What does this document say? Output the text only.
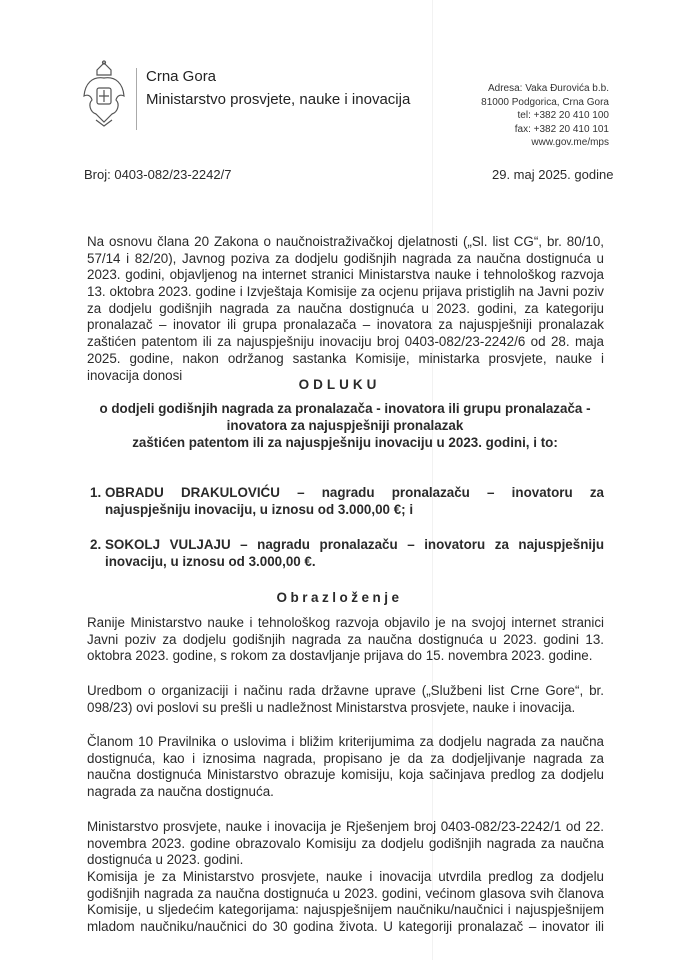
Crna Gora
Ministarstvo prosvjete, nauke i inovacija
Adresa: Vaka Đurovića b.b.
81000 Podgorica, Crna Gora
tel: +382 20 410 100
fax: +382 20 410 101
www.gov.me/mps
Broj: 0403-082/23-2242/7	29. maj 2025. godine
Na osnovu člana 20 Zakona o naučnoistraživačkoj djelatnosti („Sl. list CG“, br. 80/10,
57/14 i 82/20), Javnog poziva za dodjelu godišnjih nagrada za naučna dostignuća u
2023. godini, objavljenog na internet stranici Ministarstva nauke i tehnološkog razvoja
13. oktobra 2023. godine i Izvještaja Komisije za ocjenu prijava pristiglih na Javni poziv
za dodjelu godišnjih nagrada za naučna dostignuća u 2023. godini, za kategoriju
pronalazač – inovator ili grupa pronalazača – inovatora za najuspješniji pronalazak
zaštićen patentom ili za najuspješniju inovaciju broj 0403-082/23-2242/6 od 28. maja
2025. godine, nakon održanog sastanka Komisije, ministarka prosvjete, nauke i
inovacija donosi
ODLUKU
o dodjeli godišnjih nagrada za pronalazača - inovatora ili grupu pronalazača -
inovatora za najuspješniji pronalazak
zaštićen patentom ili za najuspješniju inovaciju u 2023. godini, i to:
1. OBRADU DRAKULOVIĆU – nagradu pronalazaču – inovatoru za
najuspješniju inovaciju, u iznosu od 3.000,00 €; i
2. SOKOLJ VULJAJU – nagradu pronalazaču – inovatoru za najuspješniju
inovaciju, u iznosu od 3.000,00 €.
Obrazloženje
Ranije Ministarstvo nauke i tehnološkog razvoja objavilo je na svojoj internet stranici
Javni poziv za dodjelu godišnjih nagrada za naučna dostignuća u 2023. godini 13.
oktobra 2023. godine, s rokom za dostavljanje prijava do 15. novembra 2023. godine.
Uredbom o organizaciji i načinu rada državne uprave („Službeni list Crne Gore“, br.
098/23) ovi poslovi su prešli u nadležnost Ministarstva prosvjete, nauke i inovacija.
Članom 10 Pravilnika o uslovima i bližim kriterijumima za dodjelu nagrada za naučna
dostignuća, kao i iznosima nagrada, propisano je da za dodjeljivanje nagrada za
naučna dostignuća Ministarstvo obrazuje komisiju, koja sačinjava predlog za dodjelu
nagrada za naučna dostignuća.
Ministarstvo prosvjete, nauke i inovacija je Rješenjem broj 0403-082/23-2242/1 od 22.
novembra 2023. godine obrazovalo Komisiju za dodjelu godišnjih nagrada za naučna
dostignuća u 2023. godini.
Komisija je za Ministarstvo prosvjete, nauke i inovacija utvrdila predlog za dodjelu
godišnjih nagrada za naučna dostignuća u 2023. godini, većinom glasova svih članova
Komisije, u sljedećim kategorijama: najuspješnijem naučniku/naučnici i najuspješnijem
mladom naučniku/naučnici do 30 godina života. U kategoriji pronalazač – inovator ili
